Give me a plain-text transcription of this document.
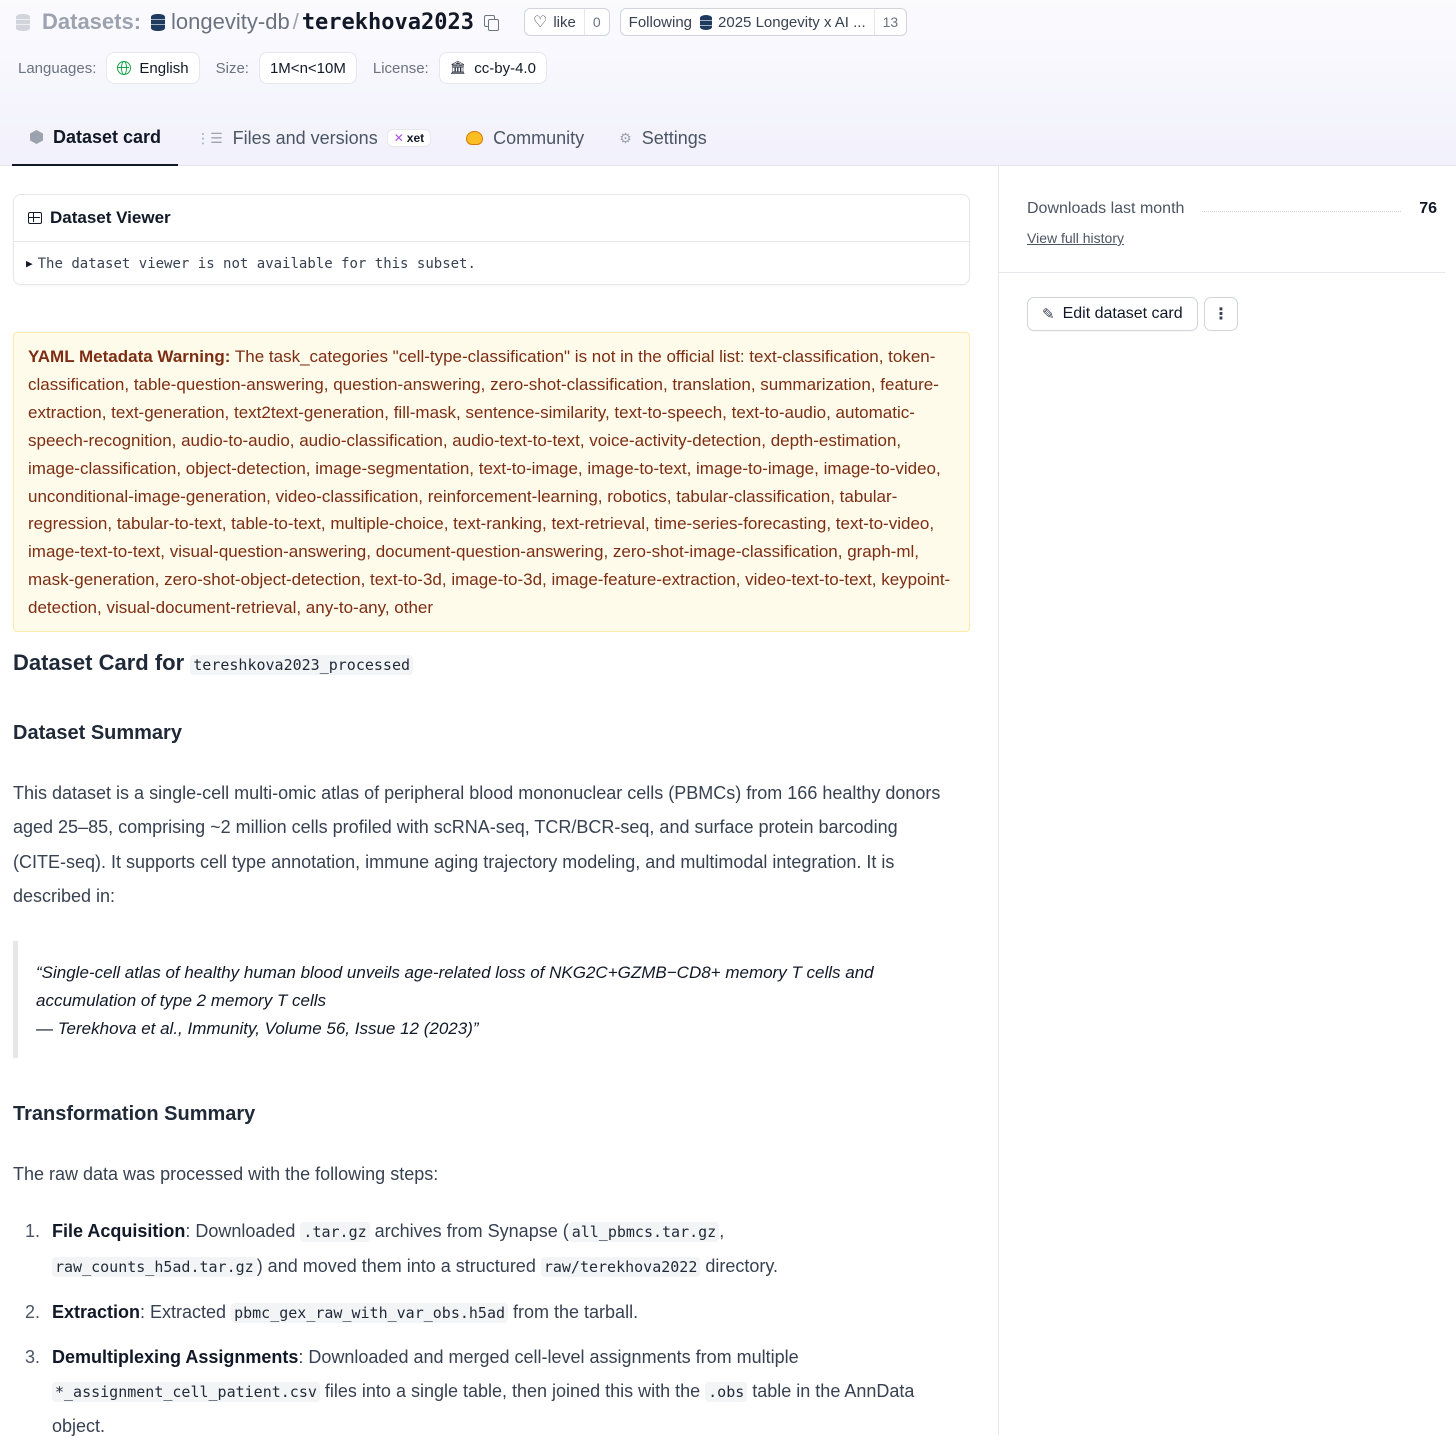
Datasets: longevity-db / terekhova2023	♡ like	0	Following 2025 Longevity x AI ...	13
Languages:	English Size: 1M<n<10M License: 🏛 cc-by-4.0
Dataset card	⋮☰ Files and versions ✕ xet	Community	⚙ Settings
Dataset Viewer
▶ The dataset viewer is not available for this subset.
YAML Metadata Warning: The task_categories "cell-type-classification" is not in the official list: text-classification, token-classification, table-question-answering, question-answering, zero-shot-classification, translation, summarization, feature-extraction, text-generation, text2text-generation, fill-mask, sentence-similarity, text-to-speech, text-to-audio, automatic-speech-recognition, audio-to-audio, audio-classification, audio-text-to-text, voice-activity-detection, depth-estimation, image-classification, object-detection, image-segmentation, text-to-image, image-to-text, image-to-image, image-to-video, unconditional-image-generation, video-classification, reinforcement-learning, robotics, tabular-classification, tabular-regression, tabular-to-text, table-to-text, multiple-choice, text-ranking, text-retrieval, time-series-forecasting, text-to-video, image-text-to-text, visual-question-answering, document-question-answering, zero-shot-image-classification, graph-ml, mask-generation, zero-shot-object-detection, text-to-3d, image-to-3d, image-feature-extraction, video-text-to-text, keypoint-detection, visual-document-retrieval, any-to-any, other
Dataset Card for tereshkova2023_processed
Dataset Summary

This dataset is a single-cell multi-omic atlas of peripheral blood mononuclear cells (PBMCs) from 166 healthy donors aged 25–85, comprising ~2 million cells profiled with scRNA-seq, TCR/BCR-seq, and surface protein barcoding (CITE-seq). It supports cell type annotation, immune aging trajectory modeling, and multimodal integration. It is described in:

“Single-cell atlas of healthy human blood unveils age-related loss of NKG2C+GZMB−CD8+ memory T cells and accumulation of type 2 memory T cells
— Terekhova et al., Immunity, Volume 56, Issue 12 (2023)”
Transformation Summary

The raw data was processed with the following steps:

1. File Acquisition: Downloaded .tar.gz archives from Synapse ( all_pbmcs.tar.gz ,
raw_counts_h5ad.tar.gz ) and moved them into a structured raw/terekhova2022 directory.
2. Extraction: Extracted pbmc_gex_raw_with_var_obs.h5ad from the tarball.
3. Demultiplexing Assignments: Downloaded and merged cell-level assignments from multiple
*_assignment_cell_patient.csv files into a single table, then joined this with the .obs table in the AnnData object.
Downloads last month	76
View full history
✎ Edit dataset card ⋮
